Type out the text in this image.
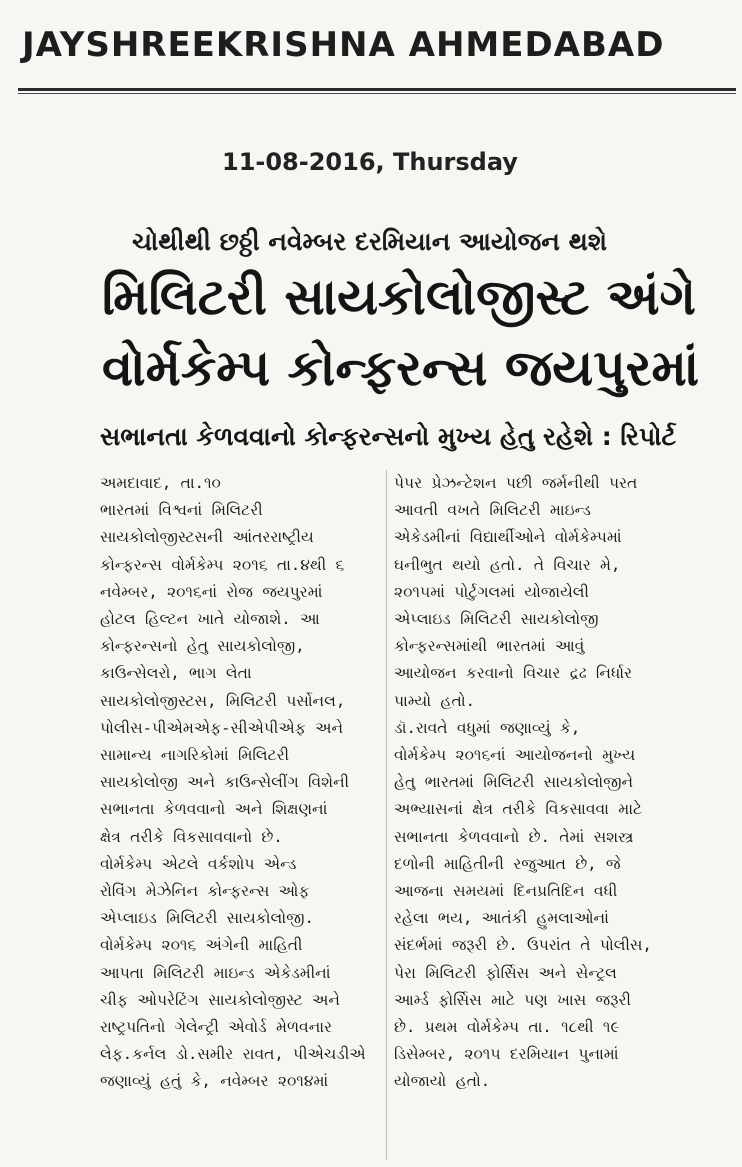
JAYSHREEKRISHNA AHMEDABAD
11-08-2016, Thursday
ચોથીથી છઠ્ઠી નવેમ્બર દરમિયાન આયોજન થશે
મિલિટરી સાયકોલોજીસ્ટ અંગે
વોર્મકેમ્પ કોન્ફરન્સ જયપુરમાં
સભાનતા કેળવવાનો કોન્ફરન્સનો મુખ્ય હેતુ રહેશે : રિપોર્ટ

અમદાવાદ, તા.૧૦

ભારતમાં વિશ્વનાં મિલિટરી

સાયકોલોજીસ્ટસની આંતરરાષ્ટ્રીય

કોન્ફરન્સ વોર્મકેમ્પ ૨૦૧૬ તા.૪થી ૬

નવેમ્બર, ૨૦૧૬નાં રોજ જયપુરમાં

હોટલ હિલ્ટન ખાતે યોજાશે. આ

કોન્ફરન્સનો હેતુ સાયકોલોજી,

કાઉન્સેલરો, ભાગ લેતા

સાયકોલોજીસ્ટસ, મિલિટરી પર્સોનલ,

પોલીસ-પીએમએફ-સીએપીએફ અને

સામાન્ય નાગરિકોમાં મિલિટરી

સાયકોલોજી અને કાઉન્સેલીંગ વિશેની

સભાનતા કેળવવાનો અને શિક્ષણનાં

ક્ષેત્ર તરીકે વિકસાવવાનો છે.

વોર્મકેમ્પ એટલે વર્કશોપ એન્ડ

રોવિંગ મેઝેનિન કોન્ફરન્સ ઓફ

એપ્લાઇડ મિલિટરી સાયકોલોજી.

વોર્મકેમ્પ ૨૦૧૬ અંગેની માહિતી

આપતા મિલિટરી માઇન્ડ એકેડમીનાં

ચીફ ઓપરેટિંગ સાયકોલોજીસ્ટ અને

રાષ્ટ્રપતિનો ગેલેન્ટ્રી એવોર્ડ મેળવનાર

લેફ.કર્નલ ડો.સમીર રાવત, પીએચડીએ

જણાવ્યું હતું કે, નવેમ્બર ૨૦૧૪માં

પેપર પ્રેઝન્ટેશન પછી જર્મનીથી પરત

આવતી વખતે મિલિટરી માઇન્ડ

એકેડમીનાં વિદ્યાર્થીઓને વોર્મકેમ્પમાં

ઘનીભુત થયો હતો. તે વિચાર મે,

૨૦૧૫માં પોર્ટુગલમાં યોજાયેલી

એપ્લાઇડ મિલિટરી સાયકોલોજી

કોન્ફરન્સમાંથી ભારતમાં આવું

આયોજન કરવાનો વિચાર દ્રઢ નિર્ધાર

પામ્યો હતો.

ડૉ.રાવતે વધુમાં જણાવ્યું કે,

વોર્મકેમ્પ ૨૦૧૬નાં આયોજનનો મુખ્ય

હેતુ ભારતમાં મિલિટરી સાયકોલોજીને

અભ્યાસનાં ક્ષેત્ર તરીકે વિકસાવવા માટે

સભાનતા કેળવવાનો છે. તેમાં સશસ્ત્ર

દળોની માહિતીની રજુઆત છે, જે

આજના સમયમાં દિનપ્રતિદિન વધી

રહેલા ભય, આતંકી હુમલાઓનાં

સંદર્ભમાં જરૂરી છે. ઉપરાંત તે પોલીસ,

પેરા મિલિટરી ફોર્સિસ અને સેન્ટ્રલ

આર્મ્ડ ફોર્સિસ માટે પણ ખાસ જરૂરી

છે. પ્રથમ વોર્મકેમ્પ તા. ૧૮થી ૧૯

ડિસેમ્બર, ૨૦૧૫ દરમિયાન પુનામાં

યોજાયો હતો.
